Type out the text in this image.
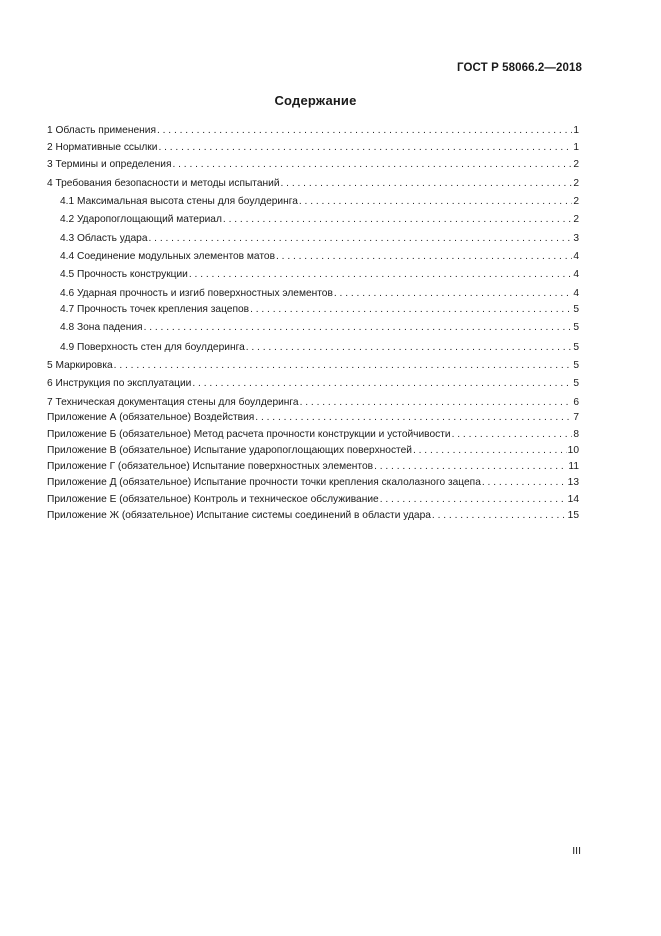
ГОСТ Р 58066.2—2018
Содержание
1 Область применения . . .	1
2 Нормативные ссылки . . .	1
3 Термины и определения . . .	2
4 Требования безопасности и методы испытаний . . .	2
4.1 Максимальная высота стены для боулдеринга . . .	2
4.2 Ударопоглощающий материал . . .	2
4.3 Область удара . . .	3
4.4 Соединение модульных элементов матов . . .	4
4.5 Прочность конструкции . . .	4
4.6 Ударная прочность и изгиб поверхностных элементов . . .	4
4.7 Прочность точек крепления зацепов . . .	5
4.8 Зона падения . . .	5
4.9 Поверхность стен для боулдеринга . . .	5
5 Маркировка . . .	5
6 Инструкция по эксплуатации . . .	5
7 Техническая документация стены для боулдеринга . . .	6
Приложение А (обязательное) Воздействия . . .	7
Приложение Б (обязательное) Метод расчета прочности конструкции и устойчивости . . .	8
Приложение В (обязательное) Испытание ударопоглощающих поверхностей . . .	10
Приложение Г (обязательное) Испытание поверхностных элементов . . .	11
Приложение Д (обязательное) Испытание прочности точки крепления скалолазного зацепа . . .	13
Приложение Е (обязательное) Контроль и техническое обслуживание . . .	14
Приложение Ж (обязательное) Испытание системы соединений в области удара . . .	15
III
